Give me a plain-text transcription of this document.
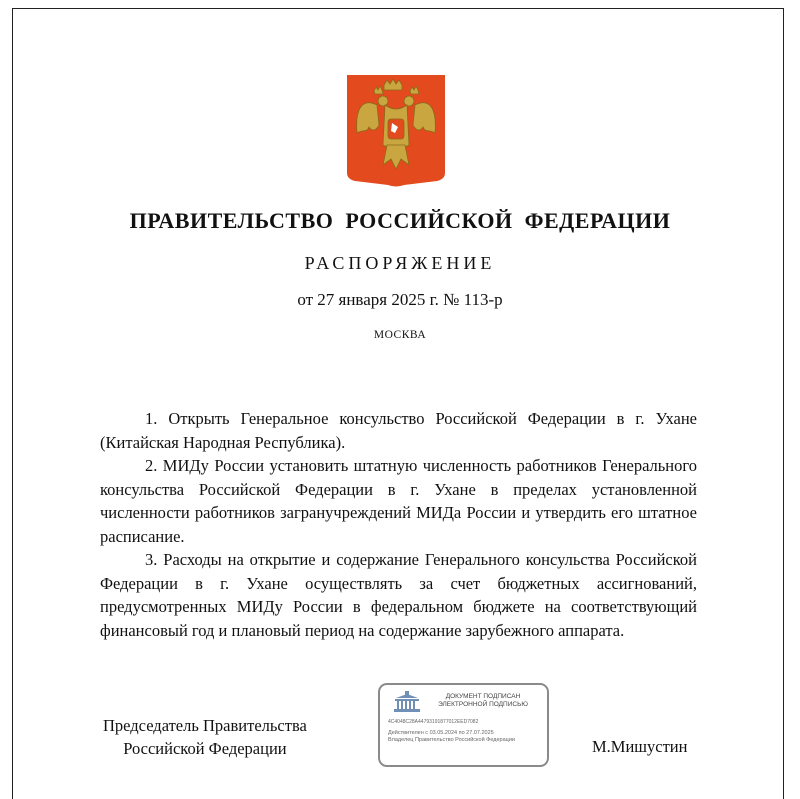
ПРАВИТЕЛЬСТВО РОССИЙСКОЙ ФЕДЕРАЦИИ
РАСПОРЯЖЕНИЕ
от 27 января 2025 г. № 113-р
МОСКВА

1. Открыть Генеральное консульство Российской Федерации в г. Ухане (Китайская Народная Республика).

2. МИДу России установить штатную численность работников Генерального консульства Российской Федерации в г. Ухане в пределах установленной численности работников загранучреждений МИДа России и утвердить его штатное расписание.

3. Расходы на открытие и содержание Генерального консульства Российской Федерации в г. Ухане осуществлять за счет бюджетных ассигнований, предусмотренных МИДу России в федеральном бюджете на соответствующий финансовый год и плановый период на содержание зарубежного аппарата.

Председатель Правительства
Российской Федерации
ДОКУМЕНТ ПОДПИСАН
ЭЛЕКТРОННОЙ ПОДПИСЬЮ
4C4048C28A44793191877012EED7082
Действителен с 03.05.2024 по 27.07.2025
Владелец Правительство Российской Федерации	М.Мишустин
